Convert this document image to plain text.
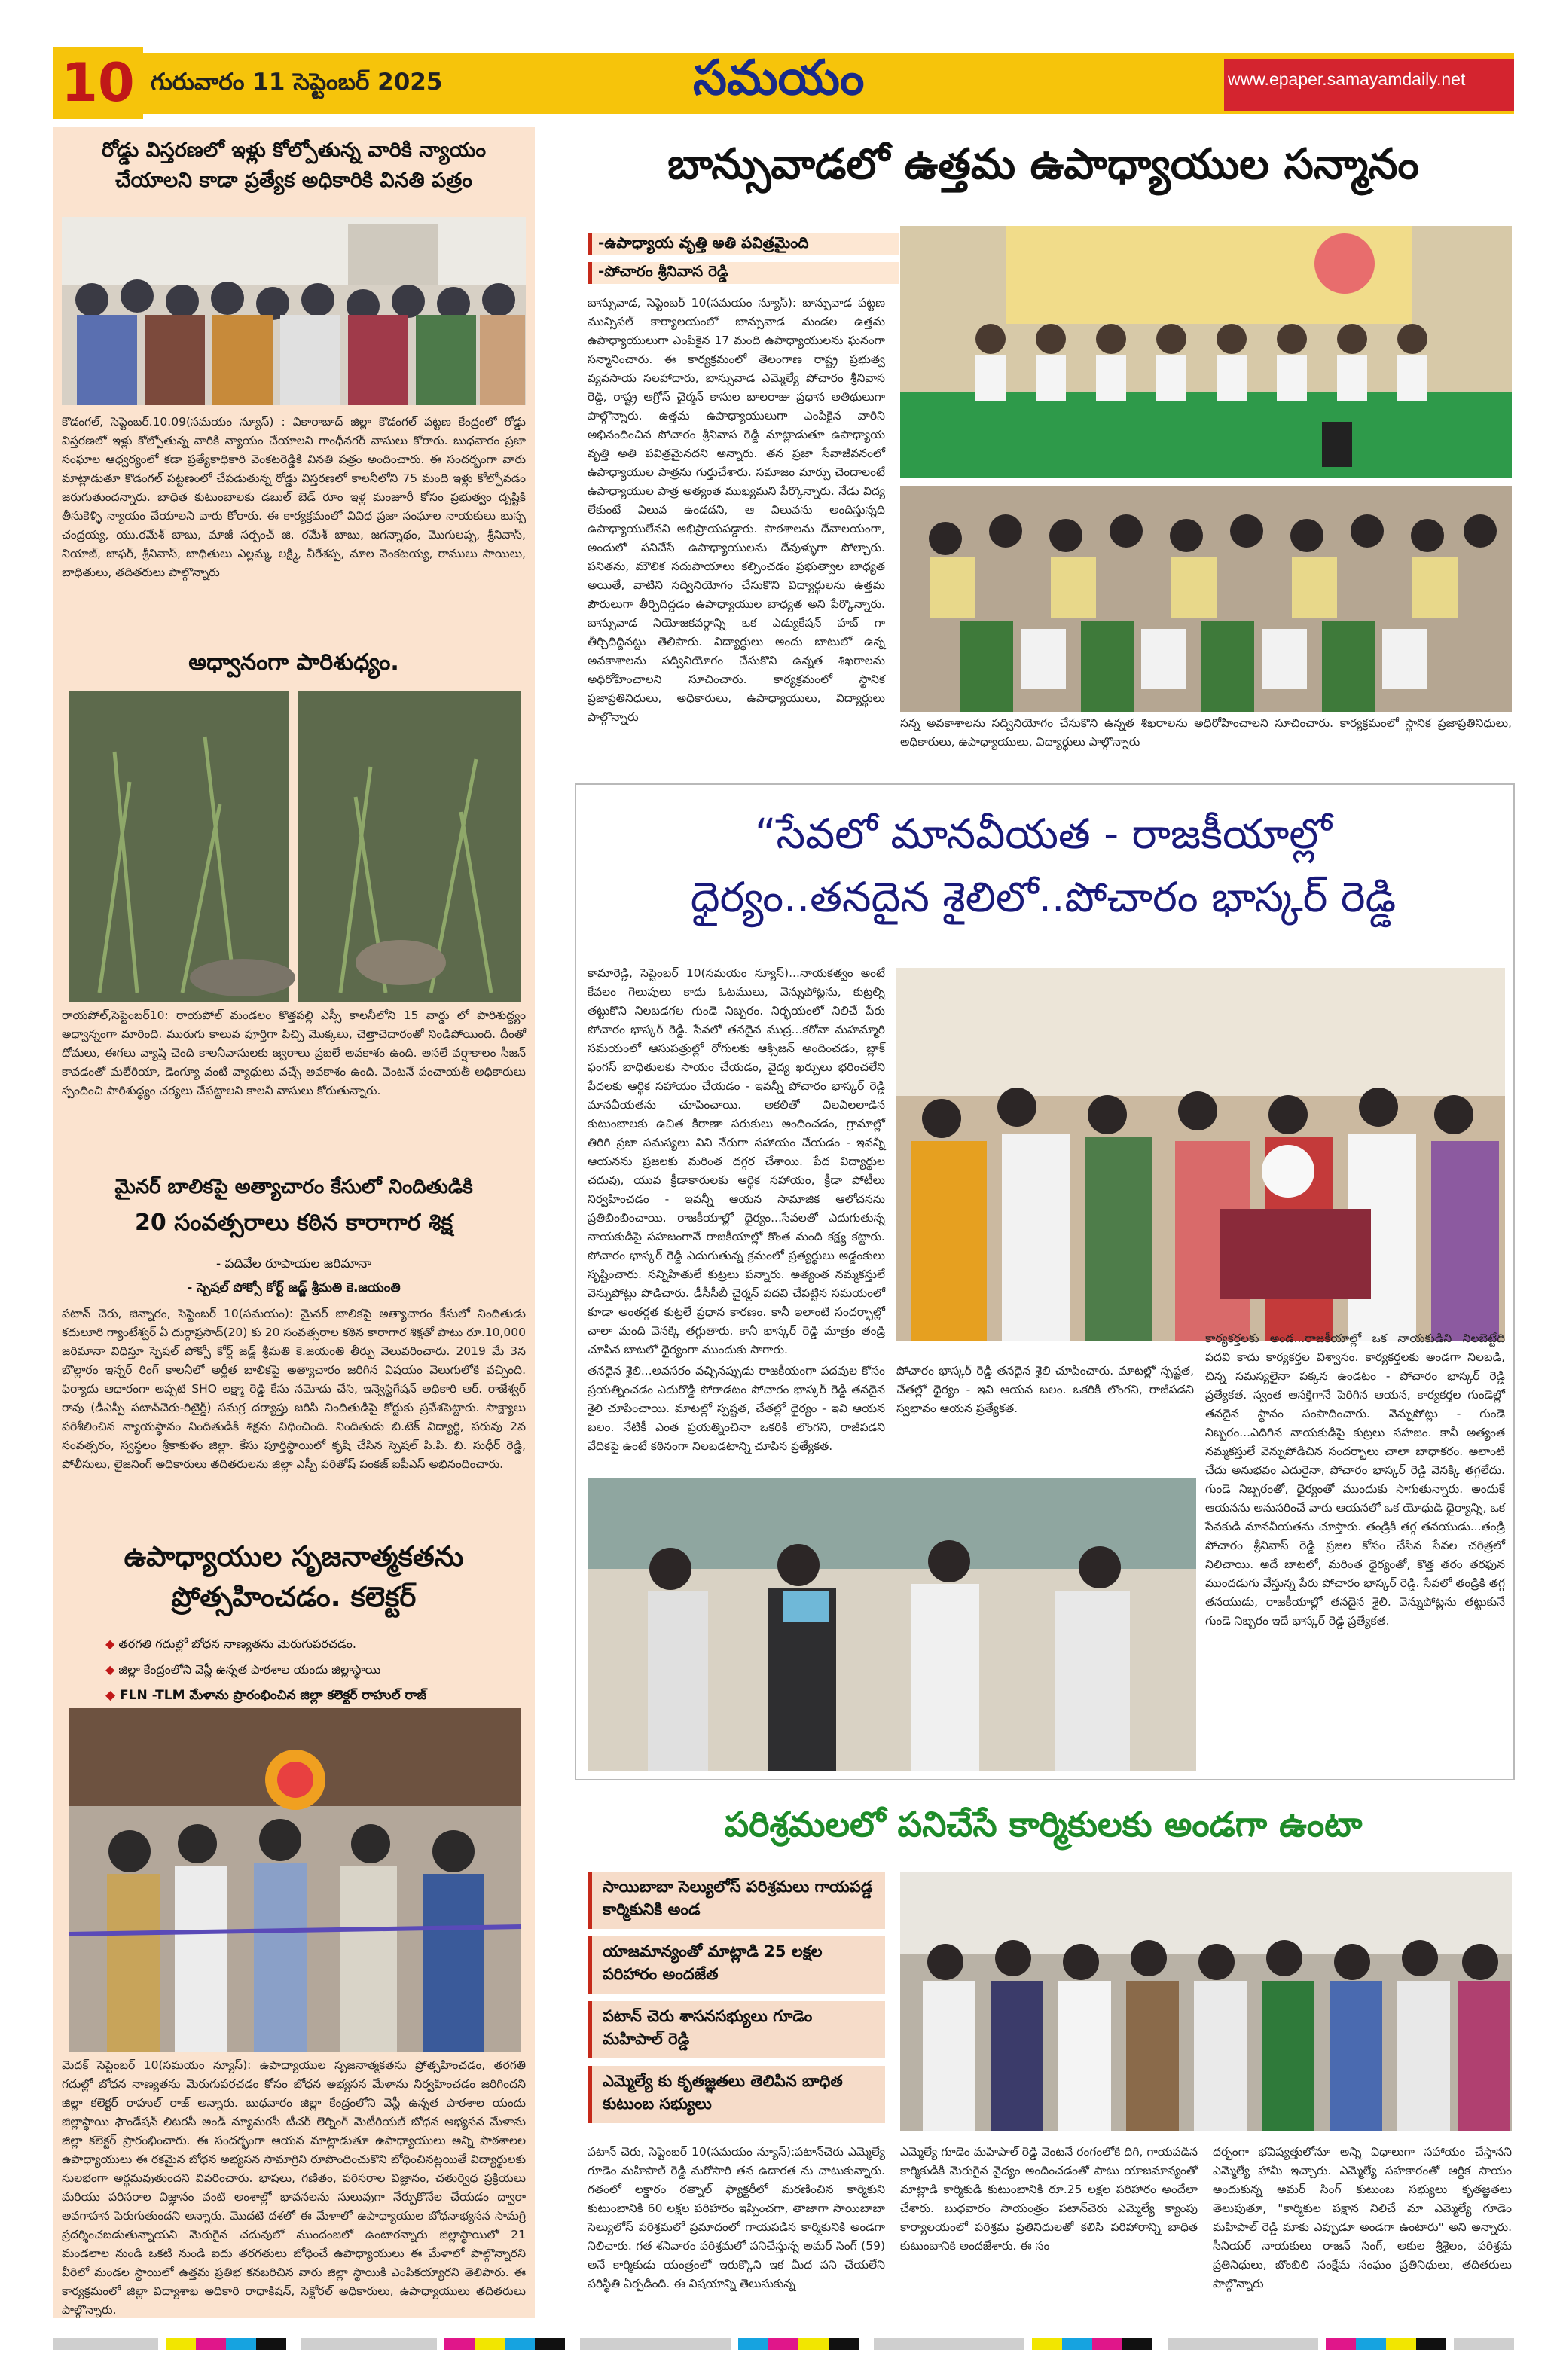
10 గురువారం 11 సెప్టెంబర్ 2025	సమయం	www.epaper.samayamdaily.net
రోడ్డు విస్తరణలో ఇళ్లు కోల్పోతున్న వారికి న్యాయం
చేయాలని కాడా ప్రత్యేక అధికారికి వినతి పత్రం
కొడంగల్, సెప్టెంబర్.10.09(సమయం న్యూస్) : వికారాబాద్ జిల్లా కొడంగల్ పట్టణ కేంద్రంలో రోడ్డు విస్తరణలో ఇళ్లు కోల్పోతున్న వారికి న్యాయం చేయాలని గాంధీనగర్ వాసులు కోరారు. బుధవారం ప్రజా సంఘాల ఆధ్వర్యంలో కడా ప్రత్యేకాధికారి వెంకటరెడ్డికి వినతి పత్రం అందించారు. ఈ సందర్భంగా వారు మాట్లాడుతూ కొడంగల్ పట్టణంలో చేపడుతున్న రోడ్డు విస్తరణలో కాలనీలోని 75 మంది ఇళ్లు కోల్పోవడం జరుగుతుందన్నారు. బాధిత కుటుంబాలకు డబుల్ బెడ్ రూం ఇళ్ల మంజూరీ కోసం ప్రభుత్వం దృష్టికి తీసుకెళ్ళి న్యాయం చేయాలని వారు కోరారు. ఈ కార్యక్రమంలో వివిధ ప్రజా సంఘాల నాయకులు బుస్స చంద్రయ్య, యు.రమేశ్ బాబు, మాజీ సర్పంచ్ జి. రమేశ్ బాబు, జగన్నాథం, మొగులప్ప, శ్రీనివాస్, నియాజ్, జాఫర్, శ్రీనివాస్, బాధితులు ఎల్లమ్మ, లక్ష్మి, వీరేశప్ప, మాల వెంకటయ్య, రాములు సాయిలు, బాధితులు, తదితరులు పాల్గొన్నారు
అధ్వానంగా పారిశుధ్యం.
రాయపోల్,సెప్టెంబర్10: రాయపోల్ మండలం కొత్తపల్లి ఎస్సీ కాలనీలోని 15 వార్డు లో పారిశుద్ధ్యం అధ్వాన్నంగా మారింది. మురుగు కాలువ పూర్తిగా పిచ్చి మొక్కలు, చెత్తాచెదారంతో నిండిపోయింది. దీంతో దోమలు, ఈగలు వ్యాప్తి చెంది కాలనీవాసులకు జ్వరాలు ప్రబలే అవకాశం ఉంది. అసలే వర్షాకాలం సీజన్ కావడంతో మలేరియా, డెంగ్యూ వంటి వ్యాధులు వచ్చే అవకాశం ఉంది. వెంటనే పంచాయతీ అధికారులు స్పందించి పారిశుద్ధ్యం చర్యలు చేపట్టాలని కాలనీ వాసులు కోరుతున్నారు.
మైనర్ బాలికపై అత్యాచారం కేసులో నిందితుడికి
20 సంవత్సరాలు కఠిన కారాగార శిక్ష
- పదివేల రూపాయల జరిమానా
- స్పెషల్ పోక్సో కోర్ట్ జడ్జ్ శ్రీమతి కె.జయంతి
పటాన్ చెరు, జిన్నారం, సెప్టెంబర్ 10(సమయం): మైనర్ బాలికపై అత్యాచారం కేసులో నిందితుడు కదులూరి గ్యాంటేశ్వర్ ఏ దుర్గాప్రసాద్(20) కు 20 సంవత్సరాల కఠిన కారాగార శిక్షతో పాటు రూ.10,000 జరిమానా విధిస్తూ స్పెషల్ పోక్సో కోర్ట్ జడ్జ్ శ్రీమతి కె.జయంతి తీర్పు వెలువరించారు. 2019 మే 3న బొల్లారం ఇన్నర్ రింగ్ కాలనీలో అర్జీత బాలికపై అత్యాచారం జరిగిన విషయం వెలుగులోకి వచ్చింది. ఫిర్యాదు ఆధారంగా అప్పటి SHO లక్ష్మా రెడ్డి కేసు నమోదు చేసి, ఇన్వెస్టిగేషన్ అధికారి ఆర్. రాజేశ్వర్ రావు (డీఎస్పీ పటాన్‌చెరు-రిటైర్డ్) సమగ్ర దర్యాప్తు జరిపి నిందితుడిపై కోర్టుకు ప్రవేశపెట్టారు. సాక్ష్యాలు పరిశీలించిన న్యాయస్థానం నిందితుడికి శిక్షను విధించింది. నిందితుడు బి.టెక్ విద్యార్థి, పరువు 2వ సంవత్సరం, స్వస్థలం శ్రీకాకుళం జిల్లా. కేసు పూర్తిస్థాయిలో కృషి చేసిన స్పెషల్ పి.పి. బి. సుధీర్ రెడ్డి, పోలీసులు, లైజనింగ్ అధికారులు తదితరులను జిల్లా ఎస్పీ పరితోష్ పంకజ్ ఐపీఎస్ అభినందించారు.
ఉపాధ్యాయుల సృజనాత్మకతను
ప్రోత్సహించడం. కలెక్టర్
◆ తరగతి గదుల్లో బోధన నాణ్యతను మెరుగుపరచడం.
◆ జిల్లా కేంద్రంలోని వెస్లీ ఉన్నత పాఠశాల యందు జిల్లాస్థాయి
◆ FLN -TLM మేళాను ప్రారంభించిన జిల్లా కలెక్టర్ రాహుల్ రాజ్
మెదక్ సెప్టెంబర్ 10(సమయం న్యూస్): ఉపాధ్యాయుల సృజనాత్మకతను ప్రోత్సహించడం, తరగతి గదుల్లో బోధన నాణ్యతను మెరుగుపరచడం కోసం బోధన అభ్యసన మేళాను నిర్వహించడం జరిగిందని జిల్లా కలెక్టర్ రాహుల్ రాజ్ అన్నారు. బుధవారం జిల్లా కేంద్రంలోని వెస్లీ ఉన్నత పాఠశాల యందు జిల్లాస్థాయి ఫౌండేషన్ లిటరసీ అండ్ న్యూమరసీ టీచర్ లెర్నింగ్ మెటీరియల్ బోధన అభ్యసన మేళాను జిల్లా కలెక్టర్ ప్రారంభించారు. ఈ సందర్భంగా ఆయన మాట్లాడుతూ ఉపాధ్యాయులు అన్ని పాఠశాలల ఉపాధ్యాయులు ఈ రకమైన బోధన అభ్యసన సామాగ్రిని రూపొందించుకొని బోధించినట్లయితే విద్యార్థులకు సులభంగా అర్థమవుతుందని వివరించారు. భాషలు, గణితం, పరిసరాల విజ్ఞానం, చతుర్విధ ప్రక్రియలు మరియు పరిసరాల విజ్ఞానం వంటి అంశాల్లో భావనలను సులువుగా నేర్పుకొనేల చేయడం ద్వారా అవగాహన పెరుగుతుందని అన్నారు. మొదటి దశలో ఈ మేళాలో ఉపాధ్యాయుల బోధనాభ్యసన సామగ్రి ప్రదర్శించబడుతున్నాయని మెరుగైన చదువులో ముందంజలో ఉంటారన్నారు జిల్లాస్థాయిలో 21 మండలాల నుండి ఒకటి నుండి ఐదు తరగతులు బోధించే ఉపాధ్యాయులు ఈ మేళాలో పాల్గొన్నారని వీరిలో మండల స్థాయిలో ఉత్తమ ప్రతిభ కనబరిచిన వారు జిల్లా స్థాయికి ఎంపికయ్యారని తెలిపారు. ఈ కార్యక్రమంలో జిల్లా విద్యాశాఖ అధికారి రాధాకిషన్, సెక్టోరల్ అధికారులు, ఉపాధ్యాయులు తదితరులు పాల్గొన్నారు.
బాన్సువాడలో ఉత్తమ ఉపాధ్యాయుల సన్మానం
-ఉపాధ్యాయ వృత్తి అతి పవిత్రమైంది
-పోచారం శ్రీనివాస రెడ్డి
బాన్సువాడ, సెప్టెంబర్ 10(సమయం న్యూస్): బాన్సువాడ పట్టణ మున్సిపల్ కార్యాలయంలో బాన్సువాడ మండల ఉత్తమ ఉపాధ్యాయులుగా ఎంపికైన 17 మంది ఉపాధ్యాయులను ఘనంగా సన్మానించారు. ఈ కార్యక్రమంలో తెలంగాణ రాష్ట్ర ప్రభుత్వ వ్యవసాయ సలహాదారు, బాన్సువాడ ఎమ్మెల్యే పోచారం శ్రీనివాస రెడ్డి, రాష్ట్ర ఆగ్రోస్ చైర్మన్ కాసుల బాలరాజు ప్రధాన అతిథులుగా పాల్గొన్నారు. ఉత్తమ ఉపాధ్యాయులుగా ఎంపికైన వారిని అభినందించిన పోచారం శ్రీనివాస రెడ్డి మాట్లాడుతూ ఉపాధ్యాయ వృత్తి అతి పవిత్రమైనదని అన్నారు. తన ప్రజా సేవాజీవనంలో ఉపాధ్యాయుల పాత్రను గుర్తుచేశారు. సమాజం మార్పు చెందాలంటే ఉపాధ్యాయుల పాత్ర అత్యంత ముఖ్యమని పేర్కొన్నారు. నేడు విద్య లేకుంటే విలువ ఉండదని, ఆ విలువను అందిస్తున్నది ఉపాధ్యాయులేనని అభిప్రాయపడ్డారు. పాఠశాలను దేవాలయంగా, అందులో పనిచేసే ఉపాధ్యాయులను దేవుళ్ళుగా పోల్చారు. పనితను, మౌలిక సదుపాయాలు కల్పించడం ప్రభుత్వాల బాధ్యత అయితే, వాటిని సద్వినియోగం చేసుకొని విద్యార్థులను ఉత్తమ పౌరులుగా తీర్చిదిద్దడం ఉపాధ్యాయుల బాధ్యత అని పేర్కొన్నారు. బాన్సువాడ నియోజకవర్గాన్ని ఒక ఎడ్యుకేషన్ హబ్ గా తీర్చిదిద్దినట్టు తెలిపారు. విద్యార్థులు అందు బాటులో ఉన్న అవకాశాలను సద్వినియోగం చేసుకొని ఉన్నత శిఖరాలను అధిరోహించాలని సూచించారు. కార్యక్రమంలో స్థానిక ప్రజాప్రతినిధులు, అధికారులు, ఉపాధ్యాయులు, విద్యార్థులు పాల్గొన్నారు	సన్న అవకాశాలను సద్వినియోగం చేసుకొని ఉన్నత శిఖరాలను అధిరోహించాలని సూచించారు. కార్యక్రమంలో స్థానిక ప్రజాప్రతినిధులు, అధికారులు, ఉపాధ్యాయులు, విద్యార్థులు పాల్గొన్నారు
“సేవలో మానవీయత - రాజకీయాల్లో
ధైర్యం..తనదైన శైలిలో..పోచారం భాస్కర్ రెడ్డి
కామారెడ్డి, సెప్టెంబర్ 10(సమయం న్యూస్)...నాయకత్వం అంటే కేవలం గెలుపులు కాదు ఓటములు, వెన్నుపోట్లను, కుట్రల్ని తట్టుకొని నిలబడగల గుండె నిబ్బరం. నిర్భయంలో నిలిచే పేరు పోచారం భాస్కర్ రెడ్డి. సేవలో తనదైన ముద్ర...కరోనా మహమ్మారి సమయంలో ఆసుపత్రుల్లో రోగులకు ఆక్సిజన్ అందించడం, బ్లాక్ ఫంగస్ బాధితులకు సాయం చేయడం, వైద్య ఖర్చులు భరించలేని పేదలకు ఆర్థిక సహాయం చేయడం - ఇవన్నీ పోచారం భాస్కర్ రెడ్డి మానవీయతను చూపించాయి. అకలితో విలవిలలాడిన కుటుంబాలకు ఉచిత కిరాణా సరుకులు అందించడం, గ్రామాల్లో తిరిగి ప్రజా సమస్యలు విని నేరుగా సహాయం చేయడం - ఇవన్నీ ఆయనను ప్రజలకు మరింత దగ్గర చేశాయి. పేద విద్యార్థుల చదువు, యువ క్రీడాకారులకు ఆర్థిక సహాయం, క్రీడా పోటీలు నిర్వహించడం - ఇవన్నీ ఆయన సామాజిక ఆలోచనను ప్రతిబింబించాయి. రాజకీయాల్లో ధైర్యం...సేవలతో ఎదుగుతున్న నాయకుడిపై సహజంగానే రాజకీయాల్లో కొంత మంది కక్ష్య కట్టారు. పోచారం భాస్కర్ రెడ్డి ఎదుగుతున్న క్రమంలో ప్రత్యర్థులు అడ్డంకులు సృష్టించారు. సన్నిహితులే కుట్రలు పన్నారు. అత్యంత నమ్మకస్తులే వెన్నుపోట్లు పొడిచారు. డీసీసీబీ చైర్మన్ పదవి చేపట్టిన సమయంలో కూడా అంతర్గత కుట్రలే ప్రధాన కారణం. కానీ ఇలాంటి సందర్భాల్లో చాలా మంది వెనక్కి తగ్గుతారు. కానీ భాస్కర్ రెడ్డి మాత్రం తండ్రి చూపిన బాటలో ధైర్యంగా ముందుకు సాగారు.
తనదైన శైలి...అవసరం వచ్చినప్పుడు రాజకీయంగా పదవుల కోసం ప్రయత్నించడం ఎదురొడ్డి పోరాడటం పోచారం భాస్కర్ రెడ్డి తనదైన శైలి చూపించాయి. మాటల్లో స్పష్టత, చేతల్లో ధైర్యం - ఇవి ఆయన బలం. నేటికీ ఎంత ప్రయత్నించినా ఒకరికి లొంగని, రాజీపడని వేదికపై ఉంటే కఠినంగా నిలబడటాన్ని చూపిన ప్రత్యేకత.
పోచారం భాస్కర్ రెడ్డి తనదైన శైలి చూపించారు. మాటల్లో స్పష్టత, చేతల్లో ధైర్యం - ఇవి ఆయన బలం. ఒకరికి లొంగని, రాజీపడని స్వభావం ఆయన ప్రత్యేకత.
కార్యకర్తలకు అండ...రాజకీయాల్లో ఒక నాయకుడిని నిలబెట్టేది పదవి కాదు కార్యకర్తల విశ్వాసం. కార్యకర్తలకు అండగా నిలబడి, చిన్న సమస్యలైనా పక్కన ఉండటం - పోచారం భాస్కర్ రెడ్డి ప్రత్యేకత. స్వంత ఆసక్తిగానే పెరిగిన ఆయన, కార్యకర్తల గుండెల్లో తనదైన స్థానం సంపాదించారు. వెన్నుపోట్లు - గుండె నిబ్బరం...ఎదిగిన నాయకుడిపై కుట్రలు సహజం. కానీ అత్యంత నమ్మకస్తులే వెన్నుపోడిచిన సందర్భాలు చాలా బాధాకరం. అలాంటి చేదు అనుభవం ఎదురైనా, పోచారం భాస్కర్ రెడ్డి వెనక్కి తగ్గలేదు. గుండె నిబ్బరంతో, ధైర్యంతో ముందుకు సాగుతున్నారు. అందుకే ఆయనను అనుసరించే వారు ఆయనలో ఒక యోధుడి ధైర్యాన్ని, ఒక సేవకుడి మానవీయతను చూస్తారు. తండ్రికి తగ్గ తనయుడు...తండ్రి పోచారం శ్రీనివాస్ రెడ్డి ప్రజల కోసం చేసిన సేవల చరిత్రలో నిలిచాయి. అదే బాటలో, మరింత ధైర్యంతో, కొత్త తరం తరఫున ముందడుగు వేస్తున్న పేరు పోచారం భాస్కర్ రెడ్డి. సేవలో తండ్రికి తగ్గ తనయుడు, రాజకీయాల్లో తనదైన శైలి. వెన్నుపోట్లను తట్టుకునే గుండె నిబ్బరం ఇదే భాస్కర్ రెడ్డి ప్రత్యేకత.
పరిశ్రమలలో పనిచేసే కార్మికులకు అండగా ఉంటా
సాయిబాబా సెల్యులోస్ పరిశ్రమలు గాయపడ్డ కార్మికునికి అండ
యాజమాన్యంతో మాట్లాడి 25 లక్షల పరిహారం అందజేత
పటాన్ చెరు శాసనసభ్యులు గూడెం మహిపాల్ రెడ్డి
ఎమ్మెల్యే కు కృతజ్ఞతలు తెలిపిన బాధిత కుటుంబ సభ్యులు
పటాన్ చెరు, సెప్టెంబర్ 10(సమయం న్యూస్):పటాన్‌చెరు ఎమ్మెల్యే గూడెం మహిపాల్ రెడ్డి మరోసారి తన ఉదారత ను చాటుకున్నారు. గతంలో లక్డారం రత్నాల్ ఫ్యాక్టరీలో మరణించిన కార్మికుని కుటుంబానికి 60 లక్షల పరిహారం ఇప్పించగా, తాజాగా సాయిబాబా సెల్యులోస్ పరిశ్రమలో ప్రమాదంలో గాయపడిన కార్మికునికి అండగా నిలిచారు. గత శనివారం పరిశ్రమలో పనిచేస్తున్న అమర్ సింగ్ (59) అనే కార్మికుడు యంత్రంలో ఇరుక్కొని ఇక మీద పని చేయలేని పరిస్థితి ఏర్పడింది. ఈ విషయాన్ని తెలుసుకున్న
ఎమ్మెల్యే గూడెం మహిపాల్ రెడ్డి వెంటనే రంగంలోకి దిగి, గాయపడిన కార్మికుడికి మెరుగైన వైద్యం అందించడంతో పాటు యాజమాన్యంతో మాట్లాడి కార్మికుడి కుటుంబానికి రూ.25 లక్షల పరిహారం అందేలా చేశారు. బుధవారం సాయంత్రం పటాన్‌చెరు ఎమ్మెల్యే క్యాంపు కార్యాలయంలో పరిశ్రమ ప్రతినిధులతో కలిసి పరిహారాన్ని బాధిత కుటుంబానికి అందజేశారు. ఈ సం
దర్భంగా భవిష్యత్తులోనూ అన్ని విధాలుగా సహాయం చేస్తానని ఎమ్మెల్యే హామీ ఇచ్చారు. ఎమ్మెల్యే సహకారంతో ఆర్థిక సాయం అందుకున్న అమర్ సింగ్ కుటుంబ సభ్యులు కృతజ్ఞతలు తెలుపుతూ, "కార్మికుల పక్షాన నిలిచే మా ఎమ్మెల్యే గూడెం మహిపాల్ రెడ్డి మాకు ఎప్పుడూ అండగా ఉంటారు" అని అన్నారు. సీనియర్ నాయకులు రాజన్ సింగ్, అకుల శ్రీశైలం, పరిశ్రమ ప్రతినిధులు, బొంబిలి సంక్షేమ సంఘం ప్రతినిధులు, తదితరులు పాల్గొన్నారు
